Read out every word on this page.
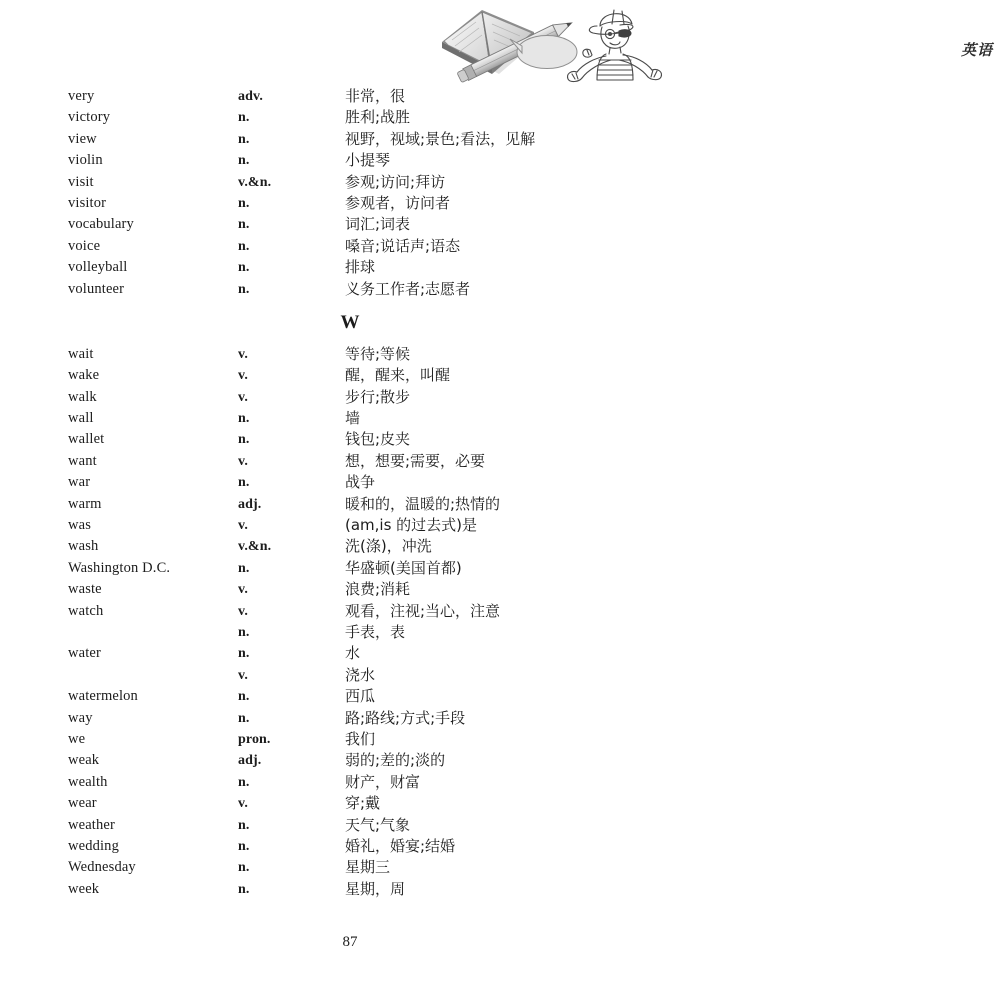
英语
very	adv.	非常，很
victory	n.	胜利;战胜
view	n.	视野，视域;景色;看法，见解
violin	n.	小提琴
visit	v.&n.	参观;访问;拜访
visitor	n.	参观者，访问者
vocabulary	n.	词汇;词表
voice	n.	嗓音;说话声;语态
volleyball	n.	排球
volunteer	n.	义务工作者;志愿者
W
wait	v.	等待;等候
wake	v.	醒，醒来，叫醒
walk	v.	步行;散步
wall	n.	墙
wallet	n.	钱包;皮夹
want	v.	想，想要;需要，必要
war	n.	战争
warm	adj.	暖和的，温暖的;热情的
was	v.	(am,is 的过去式)是
wash	v.&n.	洗(涤)，冲洗
Washington D.C.	n.	华盛顿(美国首都)
waste	v.	浪费;消耗
watch	v.	观看，注视;当心，注意
n.	手表，表
water	n.	水
v.	浇水
watermelon	n.	西瓜
way	n.	路;路线;方式;手段
we	pron.	我们
weak	adj.	弱的;差的;淡的
wealth	n.	财产，财富
wear	v.	穿;戴
weather	n.	天气;气象
wedding	n.	婚礼，婚宴;结婚
Wednesday	n.	星期三
week	n.	星期，周
87
